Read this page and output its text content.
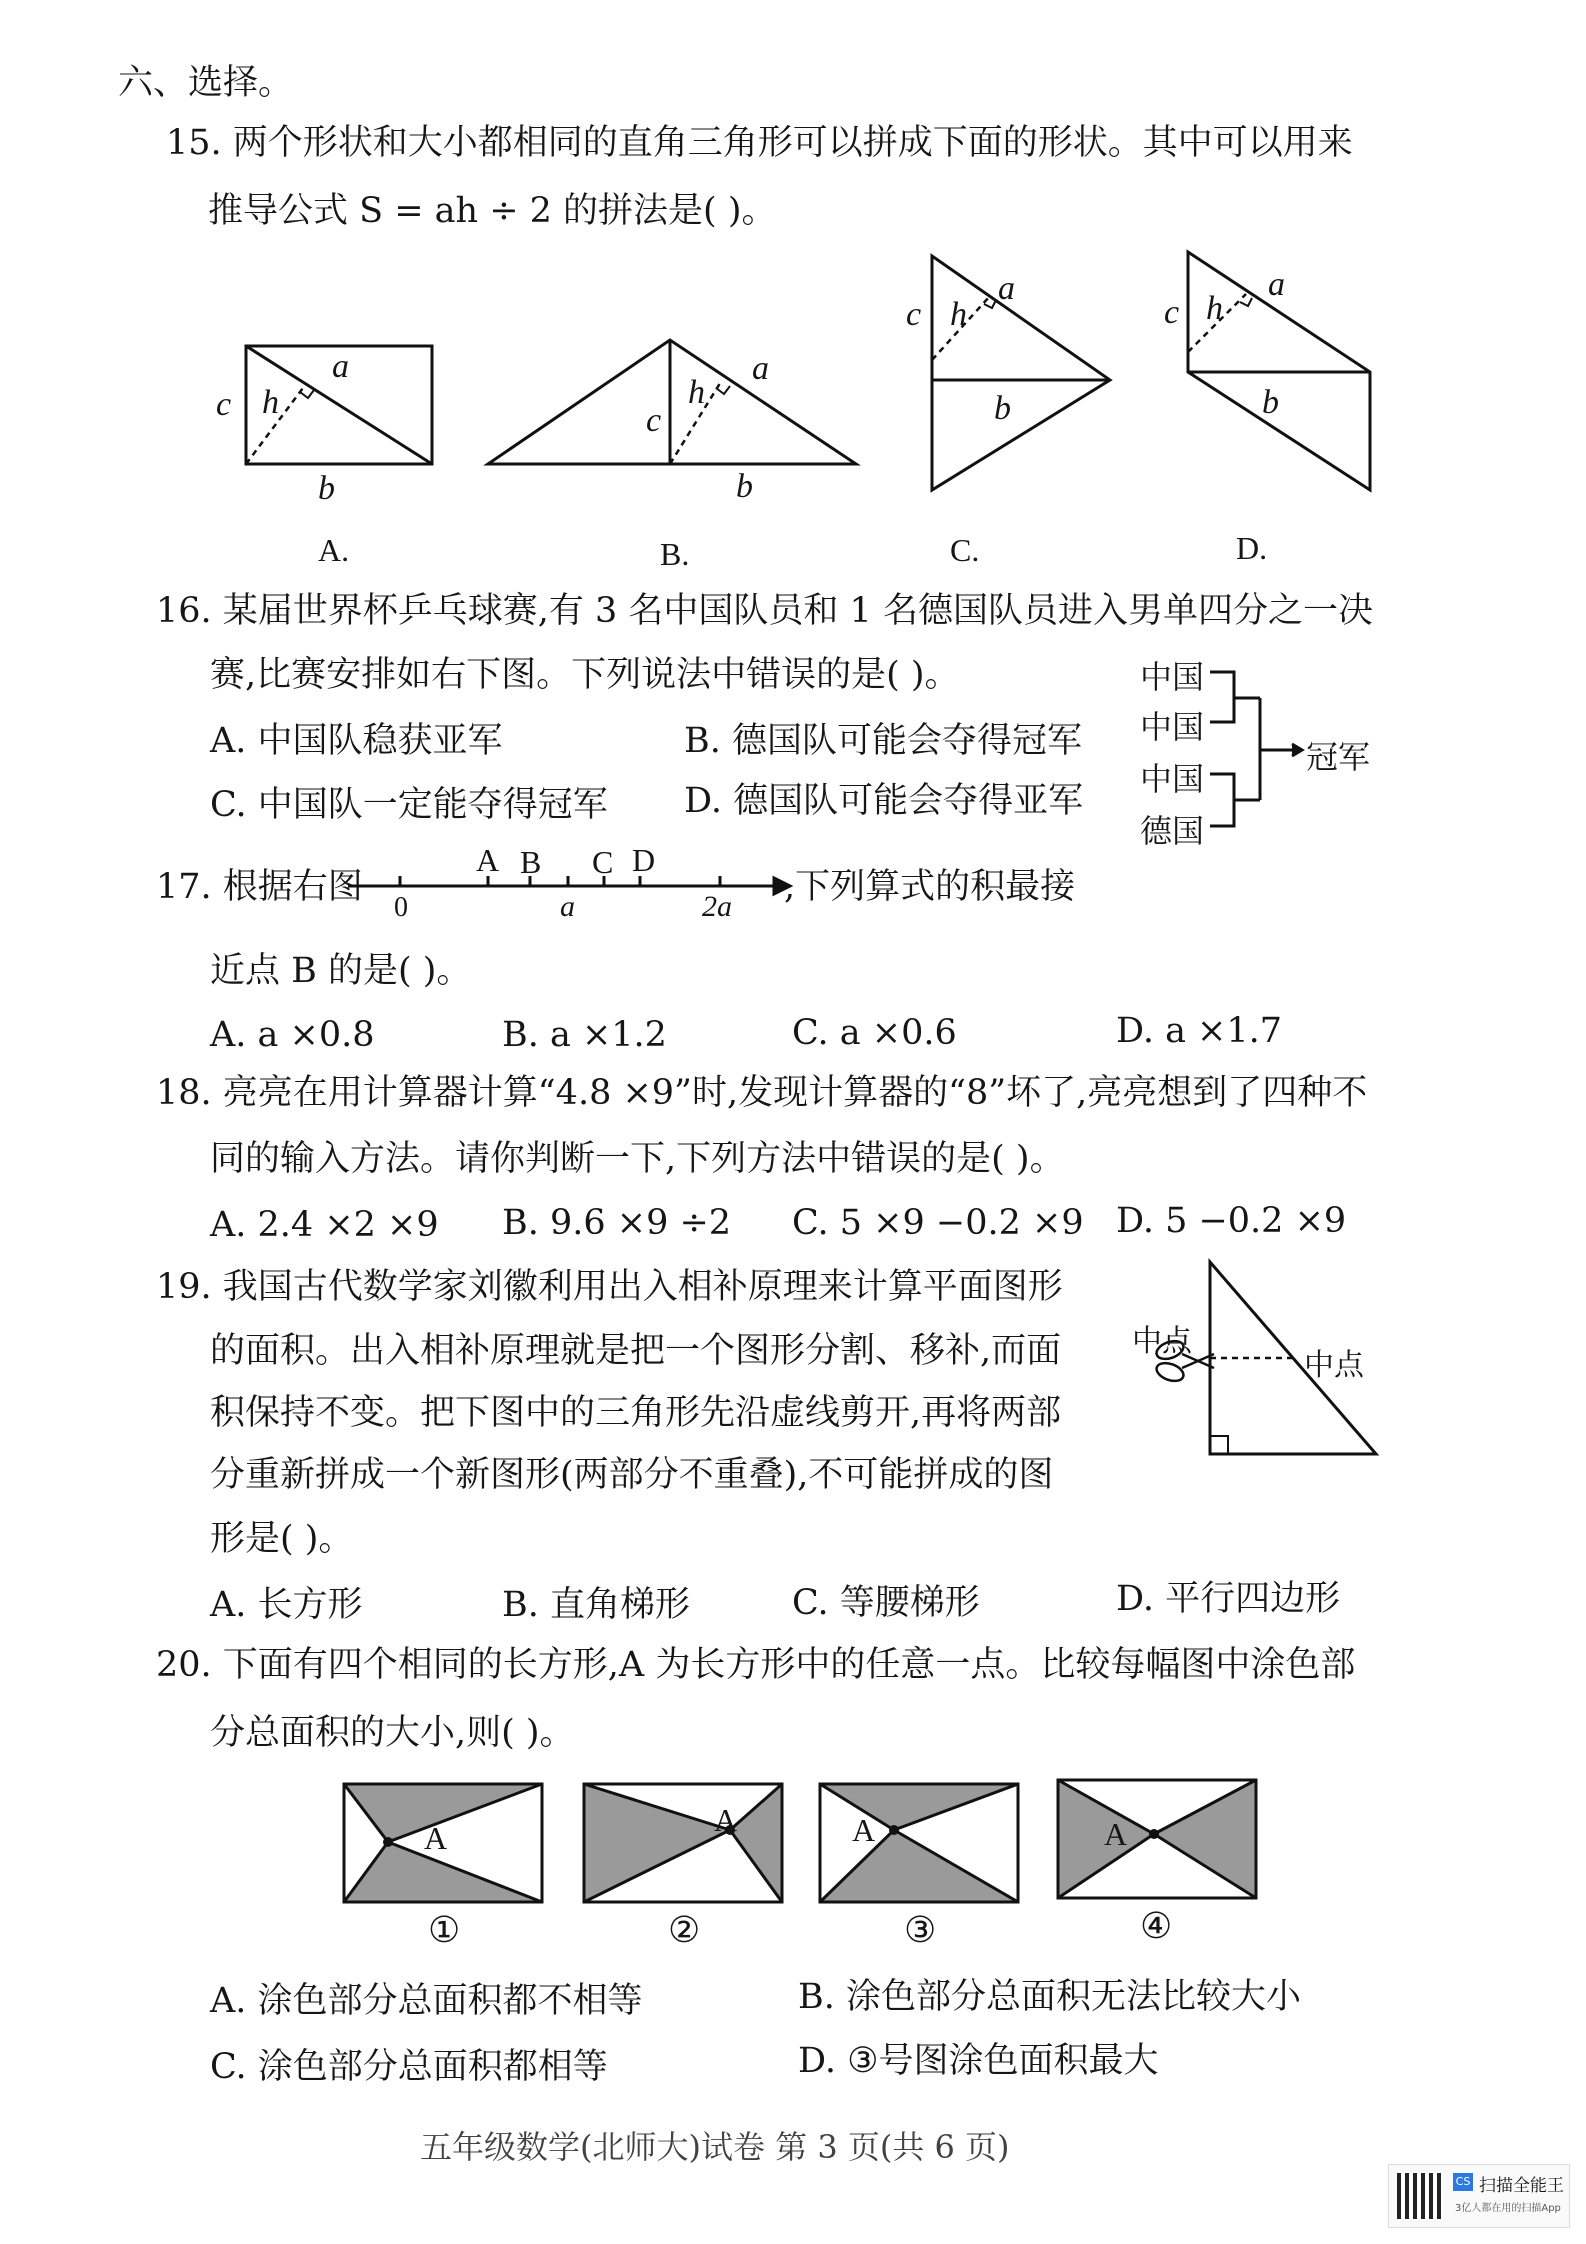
六、选择。
15. 两个形状和大小都相同的直角三角形可以拼成下面的形状。其中可以用来
推导公式 S = ah ÷ 2 的拼法是( )。
c h
a
b
A.
c
h
a
b
B.
c h
a
b
C.
c h
a
b
D.
16. 某届世界杯乒乓球赛,有 3 名中国队员和 1 名德国队员进入男单四分之一决
赛,比赛安排如右下图。下列说法中错误的是( )。
A. 中国队稳获亚军	B. 德国队可能会夺得冠军
C. 中国队一定能夺得冠军 D. 德国队可能会夺得亚军
中国
中国
中国
德国
冠军
17. 根据右图
A B C D
0	a	2a ,下列算式的积最接
近点 B 的是( )。
A. a ×0.8	B. a ×1.2	C. a ×0.6	D. a ×1.7
18. 亮亮在用计算器计算“4.8 ×9”时,发现计算器的“8”坏了,亮亮想到了四种不
同的输入方法。请你判断一下,下列方法中错误的是( )。
A. 2.4 ×2 ×9 B. 9.6 ×9 ÷2 C. 5 ×9 −0.2 ×9 D. 5 −0.2 ×9
19. 我国古代数学家刘徽利用出入相补原理来计算平面图形
的面积。出入相补原理就是把一个图形分割、移补,而面
积保持不变。把下图中的三角形先沿虚线剪开,再将两部
分重新拼成一个新图形(两部分不重叠),不可能拼成的图
形是( )。
中点
中点
A. 长方形	B. 直角梯形	C. 等腰梯形	D. 平行四边形
20. 下面有四个相同的长方形,A 为长方形中的任意一点。比较每幅图中涂色部
分总面积的大小,则( )。
A	A	A	A
①	②	③	④
A. 涂色部分总面积都不相等	B. 涂色部分总面积无法比较大小
C. 涂色部分总面积都相等	D. ③号图涂色面积最大
五年级数学(北师大)试卷 第 3 页(共 6 页)
CS 扫描全能王
3亿人都在用的扫描App
